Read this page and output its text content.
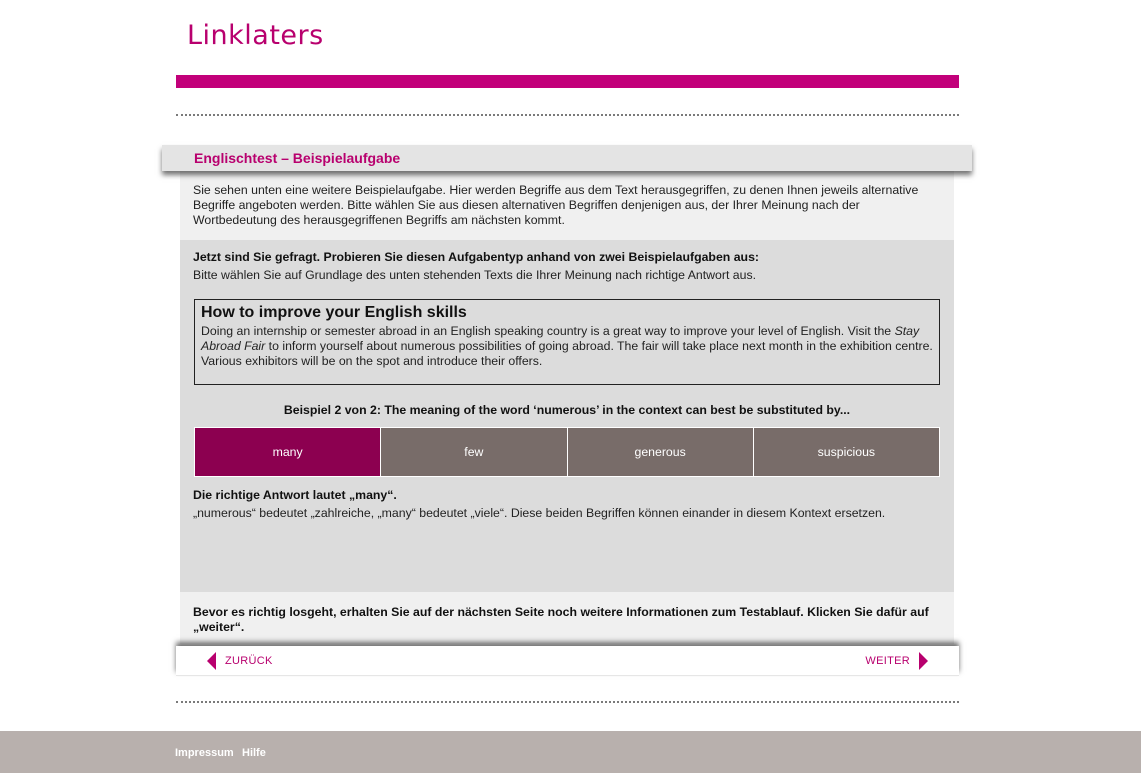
Linklaters
Englischtest – Beispielaufgabe

Sie sehen unten eine weitere Beispielaufgabe. Hier werden Begriffe aus dem Text herausgegriffen, zu denen Ihnen jeweils alternative Begriffe angeboten werden. Bitte wählen Sie aus diesen alternativen Begriffen denjenigen aus, der Ihrer Meinung nach der Wortbedeutung des herausgegriffenen Begriffs am nächsten kommt.

Jetzt sind Sie gefragt. Probieren Sie diesen Aufgabentyp anhand von zwei Beispielaufgaben aus:
Bitte wählen Sie auf Grundlage des unten stehenden Texts die Ihrer Meinung nach richtige Antwort aus.
How to improve your English skills
Doing an internship or semester abroad in an English speaking country is a great way to improve your level of English. Visit the Stay Abroad Fair to inform yourself about numerous possibilities of going abroad. The fair will take place next month in the exhibition centre. Various exhibitors will be on the spot and introduce their offers.
Beispiel 2 von 2: The meaning of the word ‘numerous’ in the context can best be substituted by...
many	few	generous	suspicious
Die richtige Antwort lautet „many“.
„numerous“ bedeutet „zahlreiche, „many“ bedeutet „viele“. Diese beiden Begriffen können einander in diesem Kontext ersetzen.

Bevor es richtig losgeht, erhalten Sie auf der nächsten Seite noch weitere Informationen zum Testablauf. Klicken Sie dafür auf „weiter“.

ZURÜCK	WEITER
Impressum Hilfe
